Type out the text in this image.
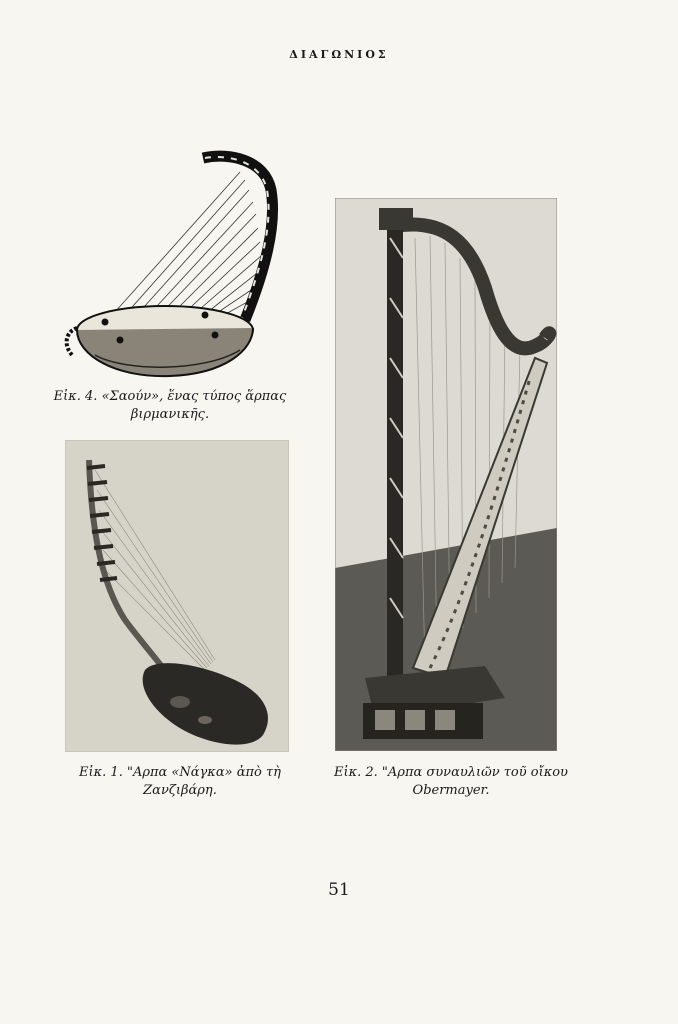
ΔΙΑΓΩΝΙΟΣ
Εἰκ. 4. «Σαούν», ἕνας τύπος ἅρπας
βιρμανικῆς.
Εἰκ. 1. "Αρπα «Νάγκα» ἀπὸ τὴ
Ζανζιβάρη.
Εἰκ. 2. "Αρπα συναυλιῶν τοῦ οἴκου
Obermayer.
51
